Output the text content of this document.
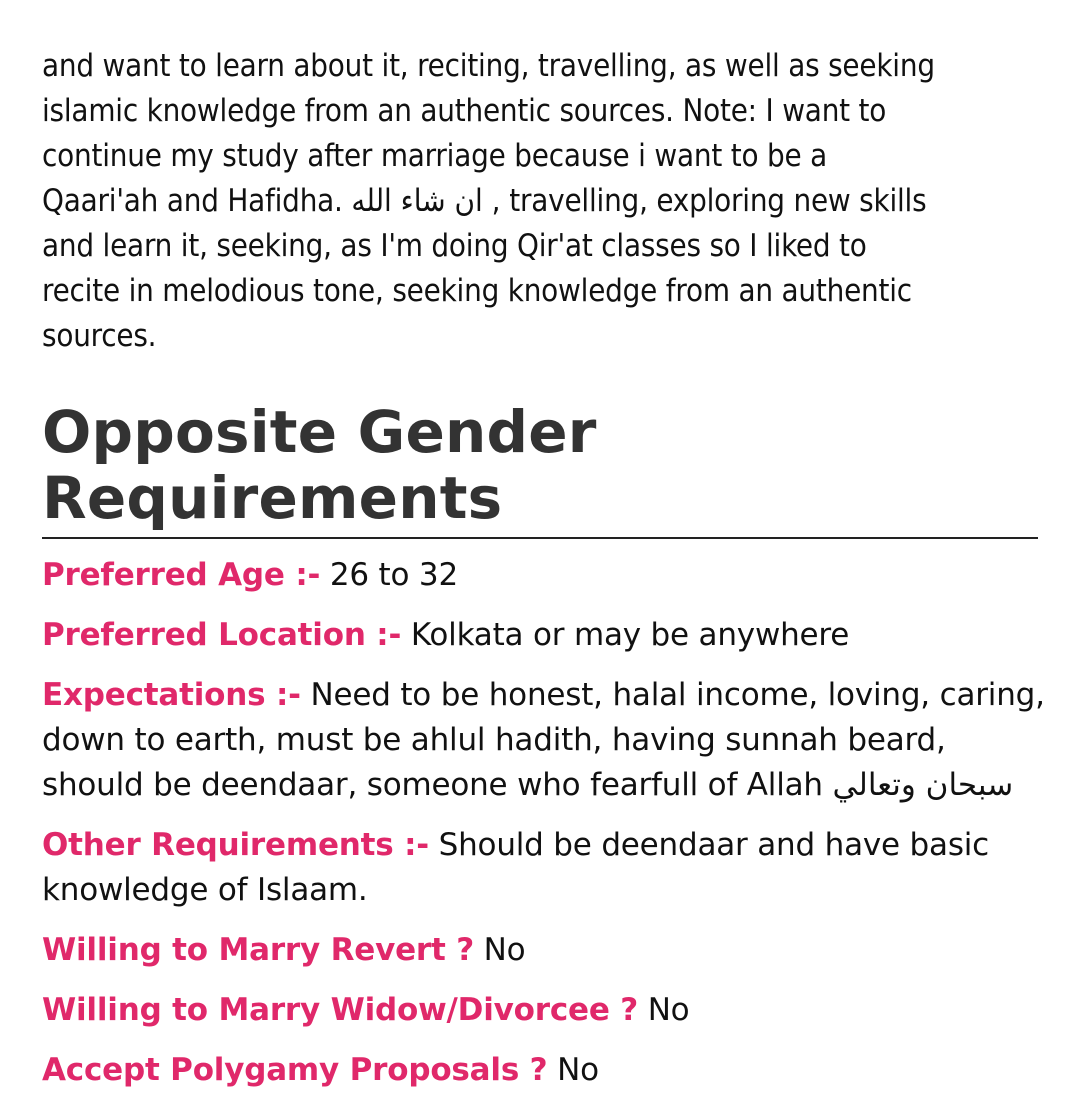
and want to learn about it, reciting, travelling, as well as seeking
islamic knowledge from an authentic sources. Note: I want to
continue my study after marriage because i want to be a
Qaari'ah and Hafidha. ان شاء الله , travelling, exploring new skills
and learn it, seeking, as I'm doing Qir'at classes so I liked to
recite in melodious tone, seeking knowledge from an authentic
sources.
Opposite Gender Requirements

Preferred Age :- 26 to 32

Preferred Location :- Kolkata or may be anywhere

Expectations :- Need to be honest, halal income, loving, caring,
down to earth, must be ahlul hadith, having sunnah beard,
should be deendaar, someone who fearfull of Allah سبحان وتعالي

Other Requirements :- Should be deendaar and have basic
knowledge of Islaam.

Willing to Marry Revert ? No

Willing to Marry Widow/Divorcee ? No

Accept Polygamy Proposals ? No
